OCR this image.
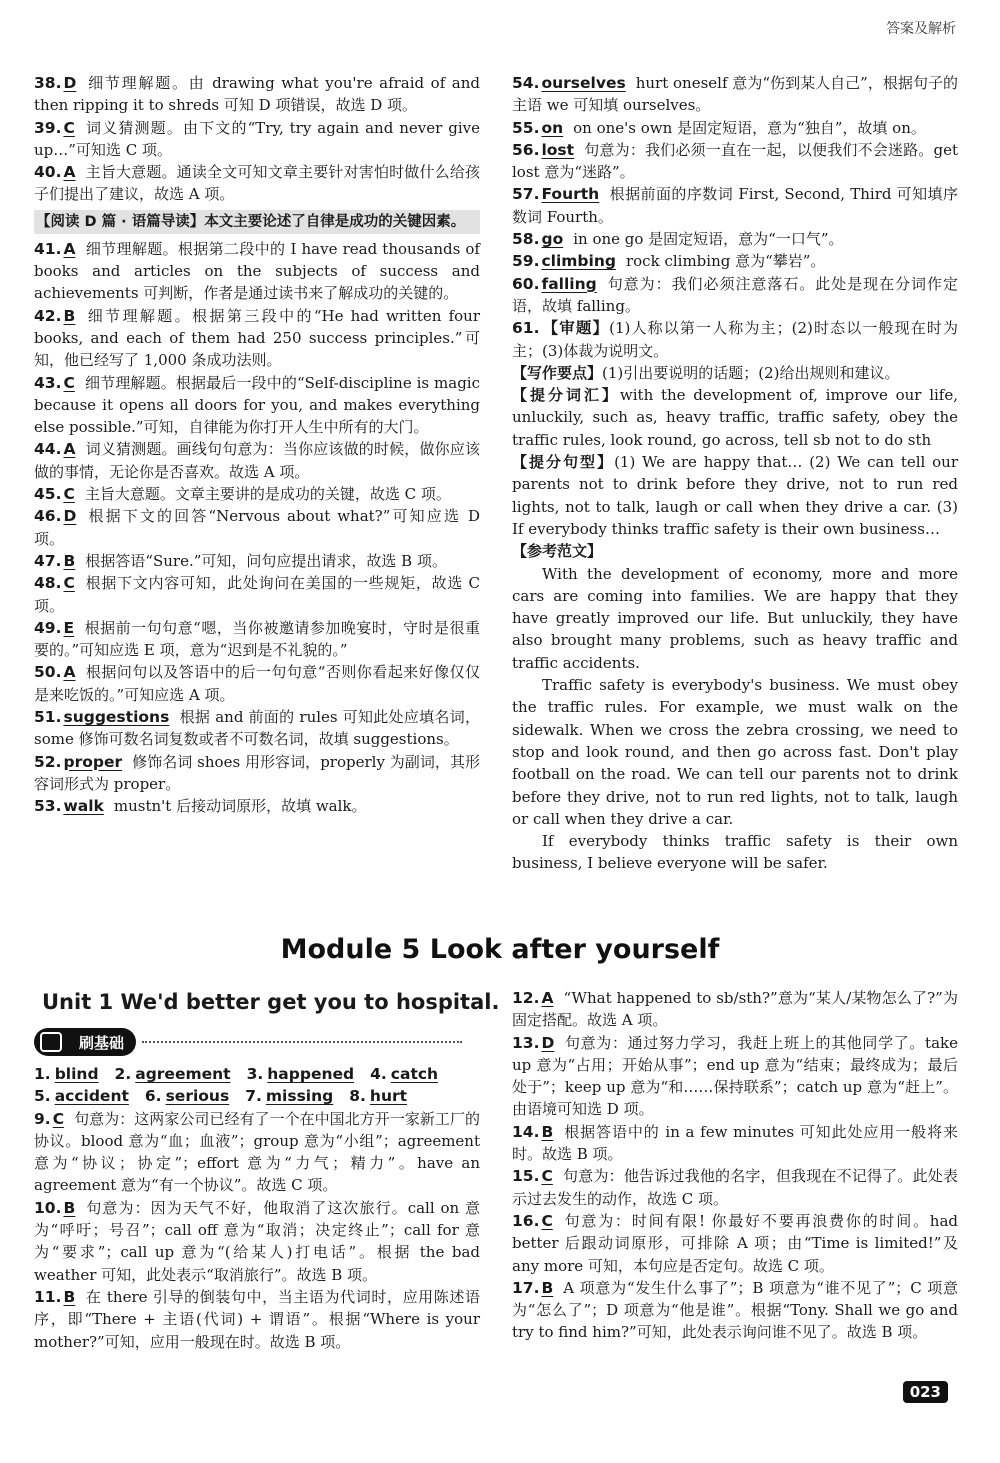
答案及解析

38. D 细节理解题。由 drawing what you're afraid of and then ripping it to shreds 可知 D 项错误，故选 D 项。

39. C 词义猜测题。由下文的“Try, try again and never give up…”可知选 C 项。

40. A 主旨大意题。通读全文可知文章主要针对害怕时做什么给孩子们提出了建议，故选 A 项。

【阅读 D 篇 · 语篇导读】本文主要论述了自律是成功的关键因素。

41. A 细节理解题。根据第二段中的 I have read thousands of books and articles on the subjects of success and achievements 可判断，作者是通过读书来了解成功的关键的。

42. B 细节理解题。根据第三段中的“He had written four books, and each of them had 250 success principles.”可知，他已经写了 1,000 条成功法则。

43. C 细节理解题。根据最后一段中的“Self-discipline is magic because it opens all doors for you, and makes everything else possible.”可知，自律能为你打开人生中所有的大门。

44. A 词义猜测题。画线句句意为：当你应该做的时候，做你应该做的事情，无论你是否喜欢。故选 A 项。

45. C 主旨大意题。文章主要讲的是成功的关键，故选 C 项。

46. D 根据下文的回答“Nervous about what?”可知应选 D 项。

47. B 根据答语“Sure.”可知，问句应提出请求，故选 B 项。

48. C 根据下文内容可知，此处询问在美国的一些规矩，故选 C 项。

49. E 根据前一句句意“嗯，当你被邀请参加晚宴时，守时是很重要的。”可知应选 E 项，意为“迟到是不礼貌的。”

50. A 根据问句以及答语中的后一句句意“否则你看起来好像仅仅是来吃饭的。”可知应选 A 项。

51. suggestions 根据 and 前面的 rules 可知此处应填名词，some 修饰可数名词复数或者不可数名词，故填 suggestions。

52. proper 修饰名词 shoes 用形容词，properly 为副词，其形容词形式为 proper。

53. walk mustn't 后接动词原形，故填 walk。

54. ourselves hurt oneself 意为“伤到某人自己”，根据句子的主语 we 可知填 ourselves。

55. on on one's own 是固定短语，意为“独自”，故填 on。

56. lost 句意为：我们必须一直在一起，以便我们不会迷路。get lost 意为“迷路”。

57. Fourth 根据前面的序数词 First, Second, Third 可知填序数词 Fourth。

58. go in one go 是固定短语，意为“一口气”。

59. climbing rock climbing 意为“攀岩”。

60. falling 句意为：我们必须注意落石。此处是现在分词作定语，故填 falling。

61. 【审题】(1)人称以第一人称为主；(2)时态以一般现在时为主；(3)体裁为说明文。

【写作要点】(1)引出要说明的话题；(2)给出规则和建议。

【提分词汇】with the development of, improve our life, unluckily, such as, heavy traffic, traffic safety, obey the traffic rules, look round, go across, tell sb not to do sth

【提分句型】(1) We are happy that… (2) We can tell our parents not to drink before they drive, not to run red lights, not to talk, laugh or call when they drive a car. (3) If everybody thinks traffic safety is their own business…

【参考范文】

With the development of economy, more and more cars are coming into families. We are happy that they have greatly improved our life. But unluckily, they have also brought many problems, such as heavy traffic and traffic accidents.

Traffic safety is everybody's business. We must obey the traffic rules. For example, we must walk on the sidewalk. When we cross the zebra crossing, we need to stop and look round, and then go across fast. Don't play football on the road. We can tell our parents not to drink before they drive, not to run red lights, not to talk, laugh or call when they drive a car.

If everybody thinks traffic safety is their own business, I believe everyone will be safer.

Module 5 Look after yourself
Unit 1 We'd better get you to hospital.
刷基础
1. blind 2. agreement 3. happened 4. catch
5. accident 6. serious 7. missing 8. hurt

9. C 句意为：这两家公司已经有了一个在中国北方开一家新工厂的协议。blood 意为“血；血液”；group 意为“小组”；agreement 意为“协议；协定”；effort 意为“力气；精力”。have an agreement 意为“有一个协议”。故选 C 项。

10. B 句意为：因为天气不好，他取消了这次旅行。call on 意为“呼吁；号召”；call off 意为“取消；决定终止”；call for 意为“要求”；call up 意为“(给某人)打电话”。根据 the bad weather 可知，此处表示“取消旅行”。故选 B 项。

11. B 在 there 引导的倒装句中，当主语为代词时，应用陈述语序，即“There + 主语(代词) + 谓语”。根据“Where is your mother?”可知，应用一般现在时。故选 B 项。

12. A “What happened to sb/sth?”意为“某人/某物怎么了?”为固定搭配。故选 A 项。

13. D 句意为：通过努力学习，我赶上班上的其他同学了。take up 意为“占用；开始从事”；end up 意为“结束；最终成为；最后处于”；keep up 意为“和……保持联系”；catch up 意为“赶上”。由语境可知选 D 项。

14. B 根据答语中的 in a few minutes 可知此处应用一般将来时。故选 B 项。

15. C 句意为：他告诉过我他的名字，但我现在不记得了。此处表示过去发生的动作，故选 C 项。

16. C 句意为：时间有限! 你最好不要再浪费你的时间。had better 后跟动词原形，可排除 A 项；由“Time is limited!”及 any more 可知，本句应是否定句。故选 C 项。

17. B A 项意为“发生什么事了”；B 项意为“谁不见了”；C 项意为“怎么了”；D 项意为“他是谁”。根据“Tony. Shall we go and try to find him?”可知，此处表示询问谁不见了。故选 B 项。

023
